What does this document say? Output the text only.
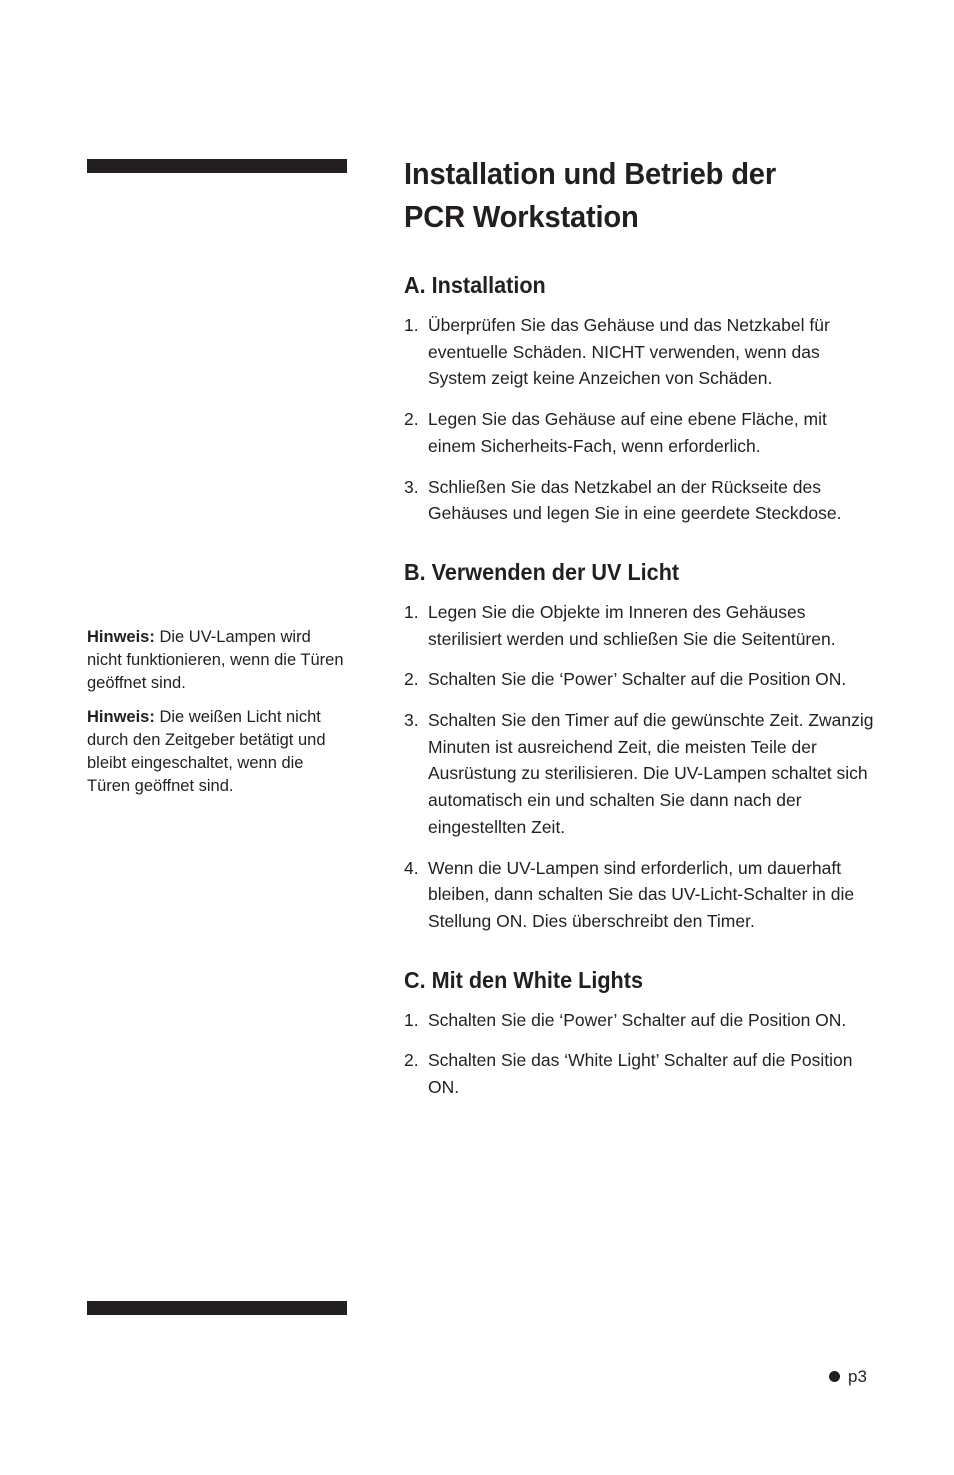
Hinweis: Die UV-Lampen wird nicht funktionieren, wenn die Türen geöffnet sind.

Hinweis: Die weißen Licht nicht durch den Zeitgeber betätigt und bleibt eingeschaltet, wenn die Türen geöffnet sind.

Installation und Betrieb der
PCR Workstation
A. Installation
1. Überprüfen Sie das Gehäuse und das Netzkabel für eventuelle Schäden. NICHT verwenden, wenn das System zeigt keine Anzeichen von Schäden.
2. Legen Sie das Gehäuse auf eine ebene Fläche, mit einem Sicherheits-Fach, wenn erforderlich.
3. Schließen Sie das Netzkabel an der Rückseite des Gehäuses und legen Sie in eine geerdete Steckdose.
B. Verwenden der UV Licht
1. Legen Sie die Objekte im Inneren des Gehäuses sterilisiert werden und schließen Sie die Seitentüren.
2. Schalten Sie die ‘Power’ Schalter auf die Position ON.
3. Schalten Sie den Timer auf die gewünschte Zeit. Zwanzig Minuten ist ausreichend Zeit, die meisten Teile der Ausrüstung zu sterilisieren. Die UV-Lampen schaltet sich automatisch ein und schalten Sie dann nach der eingestellten Zeit.
4. Wenn die UV-Lampen sind erforderlich, um dauerhaft bleiben, dann schalten Sie das UV-Licht-Schalter in die Stellung ON. Dies überschreibt den Timer.
C. Mit den White Lights
1. Schalten Sie die ‘Power’ Schalter auf die Position ON.
2. Schalten Sie das ‘White Light’ Schalter auf die Position ON.
p3
